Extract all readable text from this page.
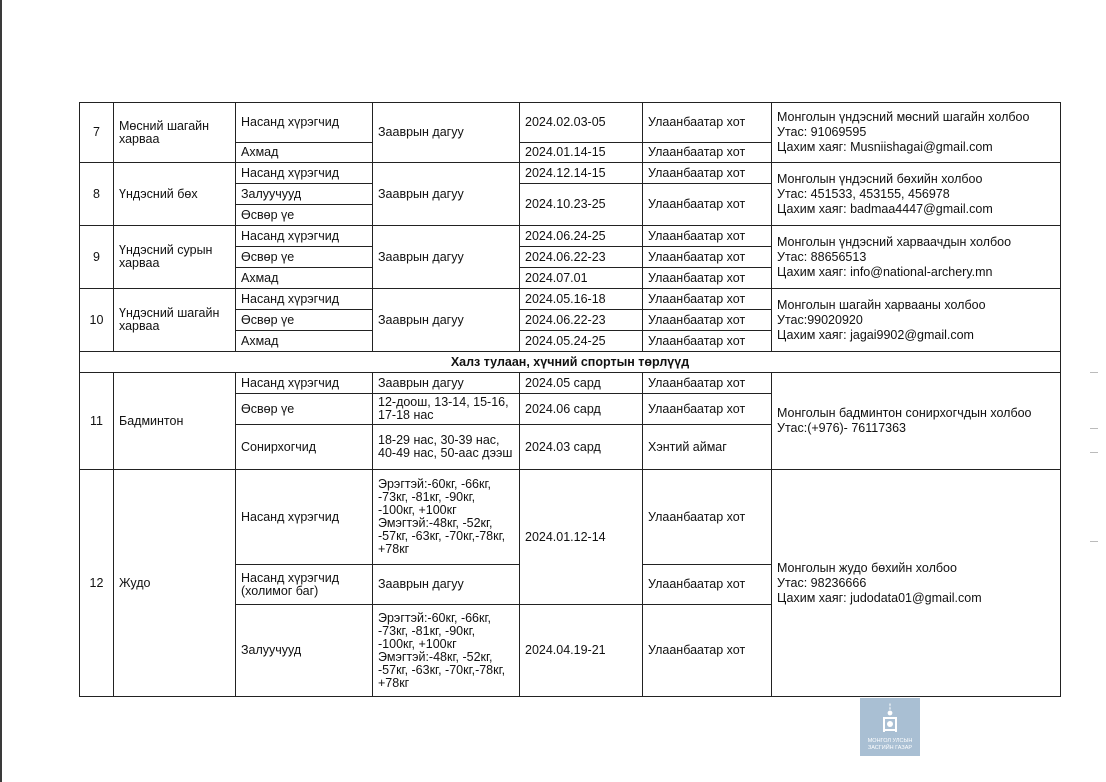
7	Мөсний шагайн харваа	Насанд хүрэгчид	Зааврын дагуу	2024.02.03-05	Улаанбаатар хот	Монголын үндэсний мөсний шагайн холбоо
Утас: 91069595
Цахим хаяг: Musniishagai@gmail.com

		Ахмад		2024.01.14-15	Улаанбаатар хот	
8	Үндэсний бөх	Насанд хүрэгчид	Зааврын дагуу	2024.12.14-15	Улаанбаатар хот	Монголын үндэсний бөхийн холбоо
Утас: 451533, 453155, 456978
Цахим хаяг: badmaa4447@gmail.com

		Залуучууд		2024.10.23-25	Улаанбаатар хот	
		Өсвөр үе				
9	Үндэсний сурын харваа	Насанд хүрэгчид	Зааврын дагуу	2024.06.24-25	Улаанбаатар хот	Монголын үндэсний харваачдын холбоо
Утас: 88656513
Цахим хаяг: info@national-archery.mn

		Өсвөр үе		2024.06.22-23	Улаанбаатар хот	
		Ахмад		2024.07.01	Улаанбаатар хот	
10	Үндэсний шагайн харваа	Насанд хүрэгчид	Зааврын дагуу	2024.05.16-18	Улаанбаатар хот	Монголын шагайн харвааны холбоо
Утас:99020920
Цахим хаяг: jagai9902@gmail.com

		Өсвөр үе		2024.06.22-23	Улаанбаатар хот	
		Ахмад		2024.05.24-25	Улаанбаатар хот	
Халз тулаан, хүчний спортын төрлүүд						
11	Бадминтон	Насанд хүрэгчид	Зааврын дагуу	2024.05 сард	Улаанбаатар хот	Монголын бадминтон сонирхогчдын холбоо
Утас:(+976)- 76117363

		Өсвөр үе	12-доош, 13-14, 15-16, 17-18 нас	2024.06 сард	Улаанбаатар хот	
		Сонирхогчид	18-29 нас, 30-39 нас, 40-49 нас, 50-аас дээш	2024.03 сард	Хэнтий аймаг	
12	Жудо	Насанд хүрэгчид	Эрэгтэй:-60кг, -66кг, -73кг, -81кг, -90кг, -100кг, +100кг Эмэгтэй:-48кг, -52кг, -57кг, -63кг, -70кг,-78кг, +78кг	2024.01.12-14	Улаанбаатар хот	Монголын жудо бөхийн холбоо
Утас: 98236666
Цахим хаяг: judodata01@gmail.com

		Насанд хүрэгчид (холимог баг)	Зааврын дагуу		Улаанбаатар хот	
		Залуучууд	Эрэгтэй:-60кг, -66кг, -73кг, -81кг, -90кг, -100кг, +100кг Эмэгтэй:-48кг, -52кг, -57кг, -63кг, -70кг,-78кг, +78кг	2024.04.19-21	Улаанбаатар хот	
МОНГОЛ УЛСЫН
ЗАСГИЙН ГАЗАР
